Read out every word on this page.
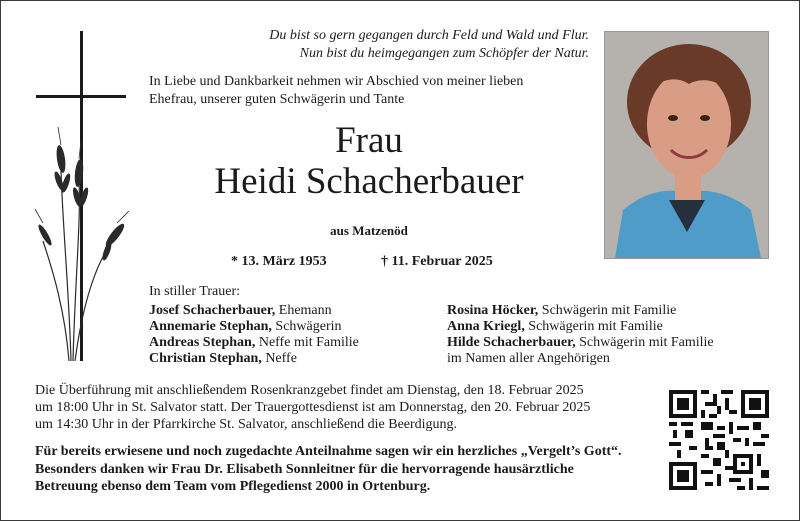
Du bist so gern gegangen durch Feld und Wald und Flur.
Nun bist du heimgegangen zum Schöpfer der Natur.
In Liebe und Dankbarkeit nehmen wir Abschied von meiner lieben
Ehefrau, unserer guten Schwägerin und Tante
Frau
Heidi Schacherbauer
aus Matzenöd
* 13. März 1953	† 11. Februar 2025
In stiller Trauer:
Josef Schacherbauer, Ehemann
Annemarie Stephan, Schwägerin
Andreas Stephan, Neffe mit Familie
Christian Stephan, Neffe
Rosina Höcker, Schwägerin mit Familie
Anna Kriegl, Schwägerin mit Familie
Hilde Schacherbauer, Schwägerin mit Familie
im Namen aller Angehörigen
Die Überführung mit anschließendem Rosenkranzgebet findet am Dienstag, den 18. Februar 2025
um 18:00 Uhr in St. Salvator statt. Der Trauergottesdienst ist am Donnerstag, den 20. Februar 2025
um 14:30 Uhr in der Pfarrkirche St. Salvator, anschließend die Beerdigung.
Für bereits erwiesene und noch zugedachte Anteilnahme sagen wir ein herzliches „Vergelt’s Gott“.
Besonders danken wir Frau Dr. Elisabeth Sonnleitner für die hervorragende hausärztliche
Betreuung ebenso dem Team vom Pflegedienst 2000 in Ortenburg.
